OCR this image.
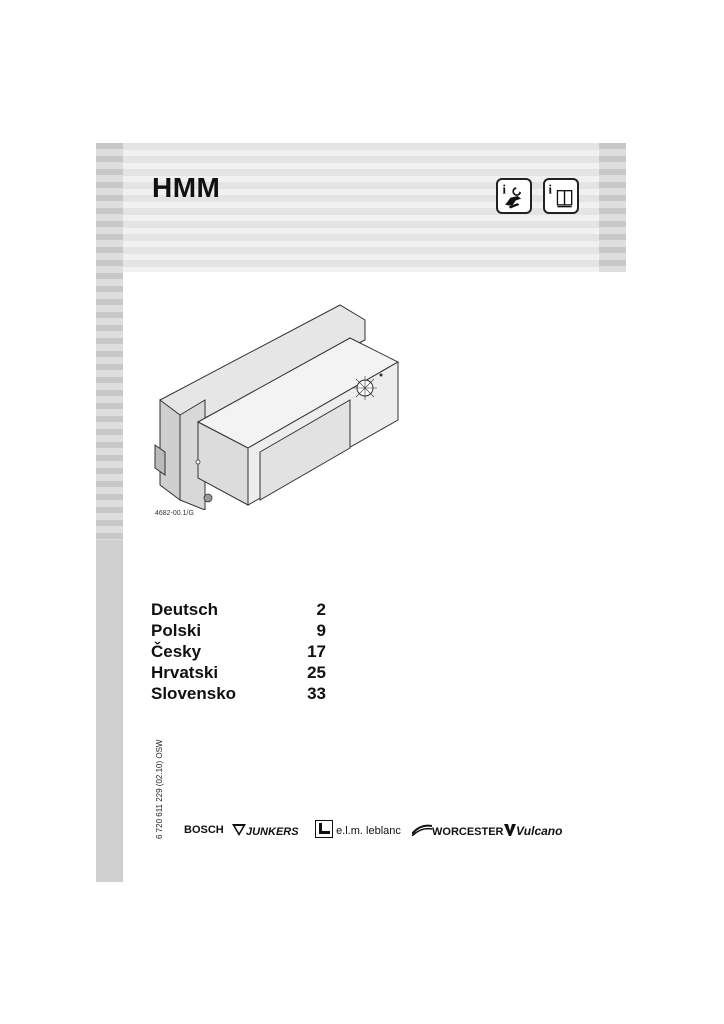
HMM	i	i
4682-00.1/G
Deutsch	2
Polski	9
Česky	17
Hrvatski	25
Slovensko	33
6 720 611 229 (02.10) OSW BOSCH	JUNKERS	e.l.m. leblanc	WORCESTER	Vulcano
